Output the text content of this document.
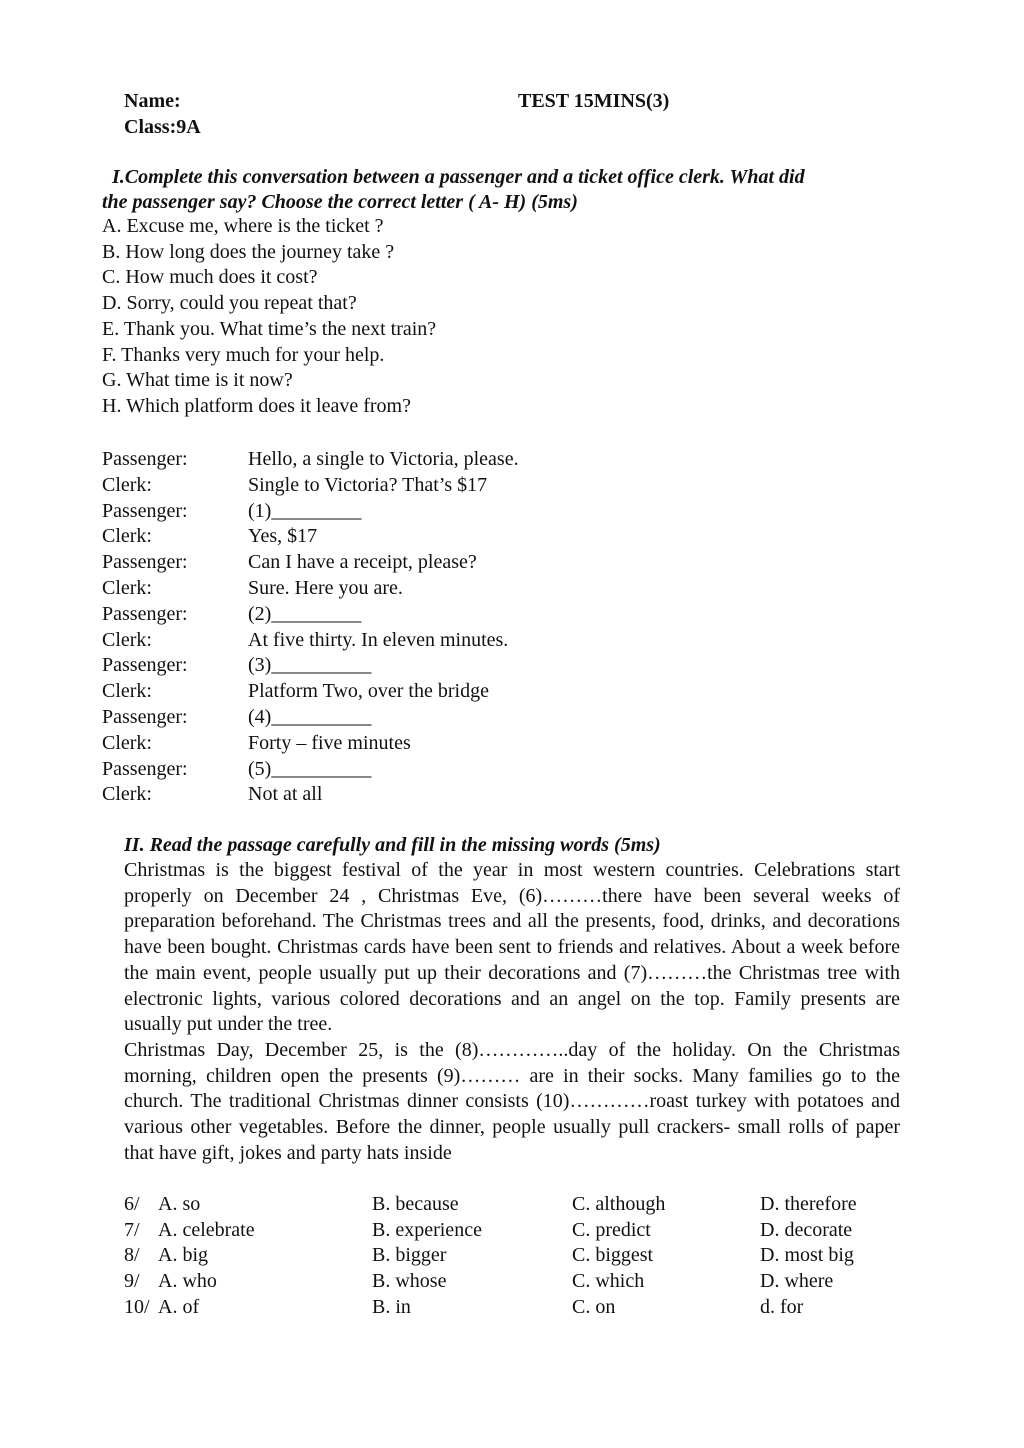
Name:
Class:9A
TEST 15MINS(3)
I.Complete this conversation between a passenger and a ticket office clerk. What did
the passenger say? Choose the correct letter ( A- H) (5ms)
A. Excuse me, where is the ticket ?
B. How long does the journey take ?
C. How much does it cost?
D. Sorry, could you repeat that?
E. Thank you. What time’s the next train?
F. Thanks very much for your help.
G. What time is it now?
H. Which platform does it leave from?
Passenger:	Hello, a single to Victoria, please.
Clerk:	Single to Victoria? That’s $17
Passenger:	(1)_________
Clerk:	Yes, $17
Passenger:	Can I have a receipt, please?
Clerk:	Sure. Here you are.
Passenger:	(2)_________
Clerk:	At five thirty. In eleven minutes.
Passenger:	(3)__________
Clerk:	Platform Two, over the bridge
Passenger:	(4)__________
Clerk:	Forty – five minutes
Passenger:	(5)__________
Clerk:	Not at all
II. Read the passage carefully and fill in the missing words (5ms)

Christmas is the biggest festival of the year in most western countries. Celebrations start properly on December 24 , Christmas Eve, (6)………there have been several weeks of preparation beforehand. The Christmas trees and all the presents, food, drinks, and decorations have been bought. Christmas cards have been sent to friends and relatives. About a week before the main event, people usually put up their decorations and (7)………the Christmas tree with electronic lights, various colored decorations and an angel on the top. Family presents are usually put under the tree.

Christmas Day, December 25, is the (8)…………..day of the holiday. On the Christmas morning, children open the presents (9)……… are in their socks. Many families go to the church. The traditional Christmas dinner consists (10)…………roast turkey with potatoes and various other vegetables. Before the dinner, people usually pull crackers- small rolls of paper that have gift, jokes and party hats inside

6/ A. so	B. because	C. although	D. therefore
7/ A. celebrate	B. experience	C. predict	D. decorate
8/ A. big	B. bigger	C. biggest	D. most big
9/ A. who	B. whose	C. which	D. where
10/ A. of	B. in	C. on	d. for
